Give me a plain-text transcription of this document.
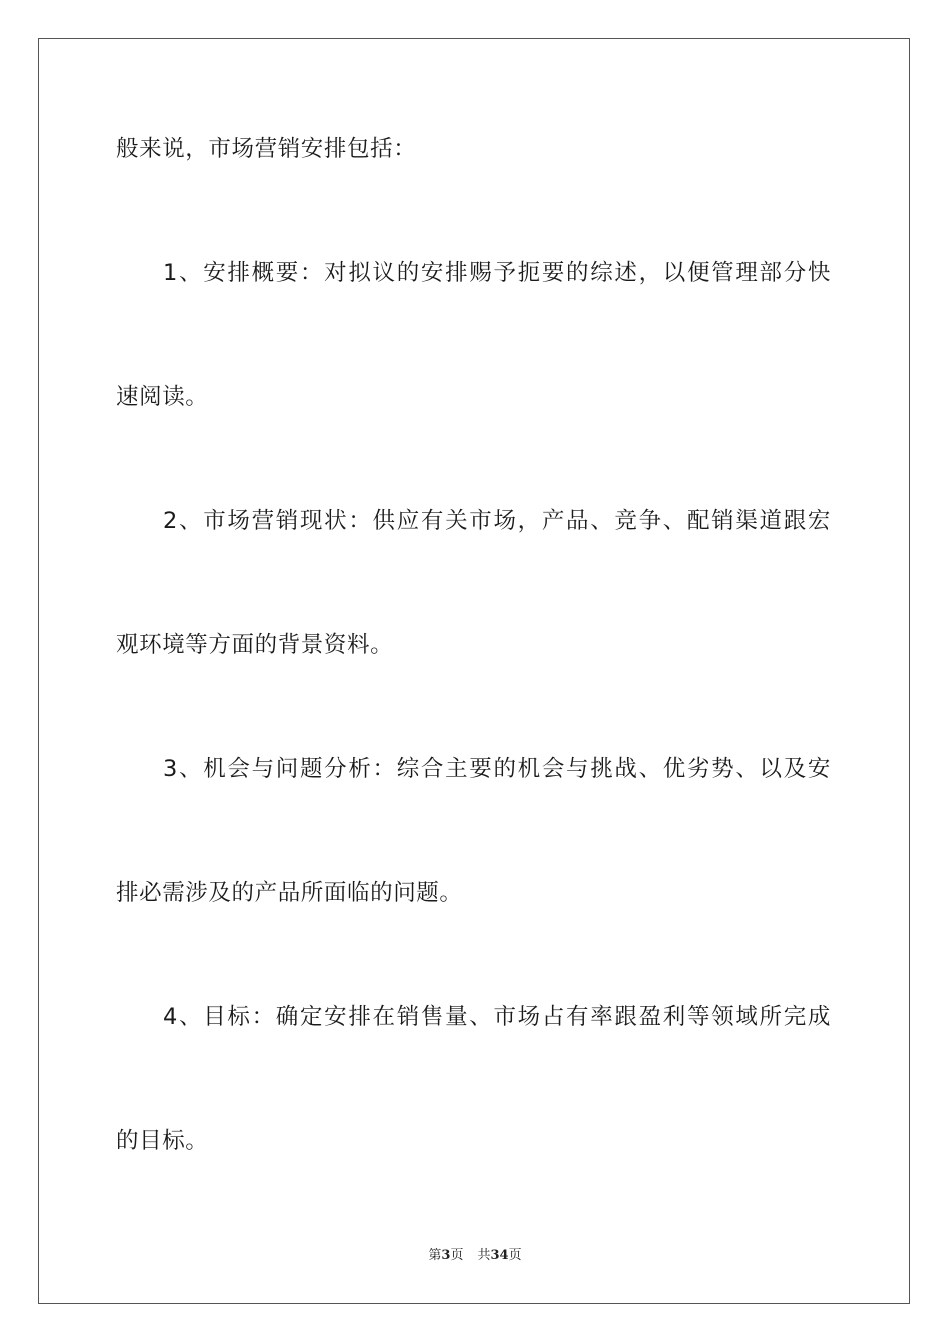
般来说，市场营销安排包括：
1、安排概要：对拟议的安排赐予扼要的综述，以便管理部分快
速阅读。
2、市场营销现状：供应有关市场，产品、竞争、配销渠道跟宏
观环境等方面的背景资料。
3、机会与问题分析：综合主要的机会与挑战、优劣势、以及安
排必需涉及的产品所面临的问题。
4、目标：确定安排在销售量、市场占有率跟盈利等领域所完成
的目标。
第3页 共34页
